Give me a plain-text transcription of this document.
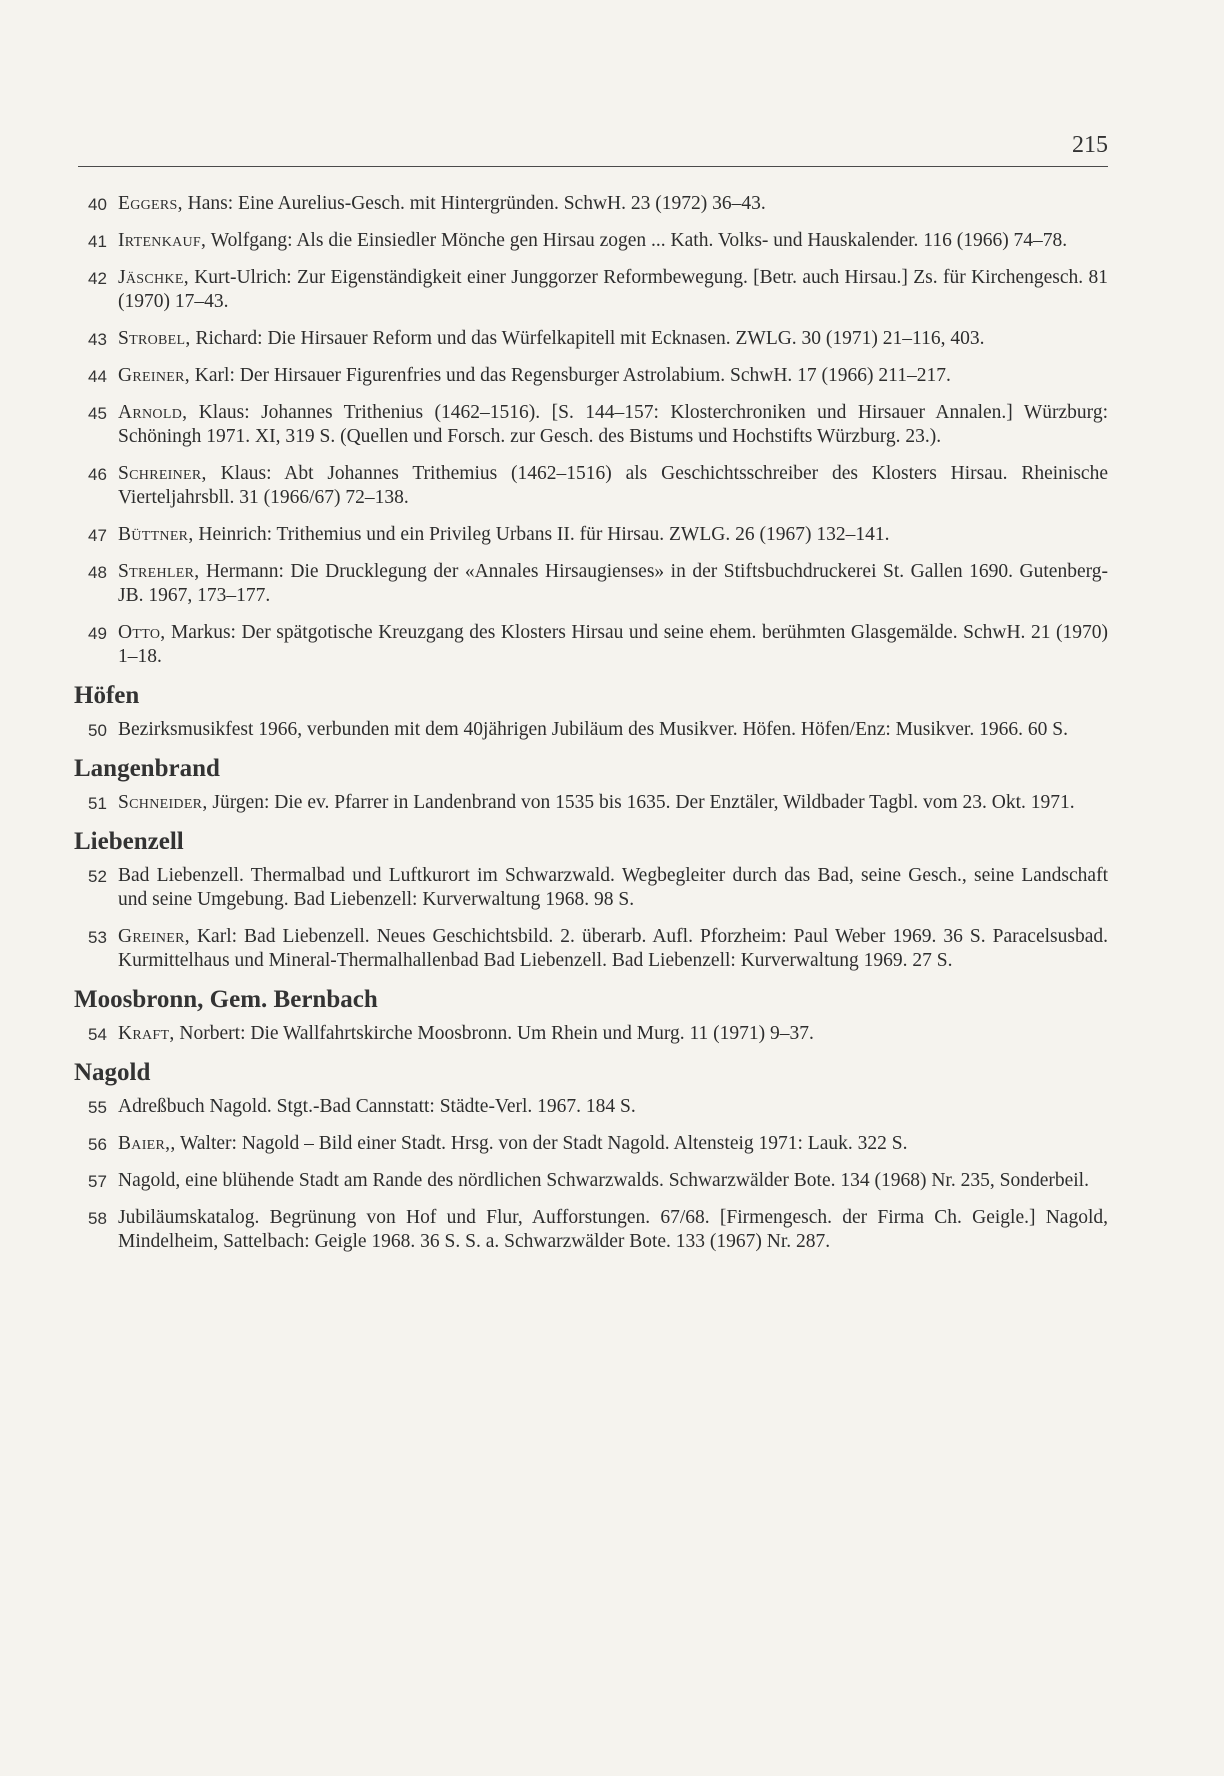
215
40 Eggers, Hans: Eine Aurelius-Gesch. mit Hintergründen. SchwH. 23 (1972) 36–43.
41 Irtenkauf, Wolfgang: Als die Einsiedler Mönche gen Hirsau zogen ... Kath. Volks- und Hauskalender. 116 (1966) 74–78.
42 Jäschke, Kurt-Ulrich: Zur Eigenständigkeit einer Junggorzer Reformbewegung. [Betr. auch Hirsau.] Zs. für Kirchengesch. 81 (1970) 17–43.
43 Strobel, Richard: Die Hirsauer Reform und das Würfelkapitell mit Ecknasen. ZWLG. 30 (1971) 21–116, 403.
44 Greiner, Karl: Der Hirsauer Figurenfries und das Regensburger Astrolabium. SchwH. 17 (1966) 211–217.
45 Arnold, Klaus: Johannes Trithenius (1462–1516). [S. 144–157: Klosterchroniken und Hirsauer Annalen.] Würzburg: Schöningh 1971. XI, 319 S. (Quellen und Forsch. zur Gesch. des Bistums und Hochstifts Würzburg. 23.).
46 Schreiner, Klaus: Abt Johannes Trithemius (1462–1516) als Geschichtsschreiber des Klosters Hirsau. Rheinische Vierteljahrsbll. 31 (1966/67) 72–138.
47 Büttner, Heinrich: Trithemius und ein Privileg Urbans II. für Hirsau. ZWLG. 26 (1967) 132–141.
48 Strehler, Hermann: Die Drucklegung der «Annales Hirsaugienses» in der Stiftsbuchdruckerei St. Gallen 1690. Gutenberg-JB. 1967, 173–177.
49 Otto, Markus: Der spätgotische Kreuzgang des Klosters Hirsau und seine ehem. berühmten Glasgemälde. SchwH. 21 (1970) 1–18.
Höfen
50 Bezirksmusikfest 1966, verbunden mit dem 40jährigen Jubiläum des Musikver. Höfen. Höfen/Enz: Musikver. 1966. 60 S.
Langenbrand
51 Schneider, Jürgen: Die ev. Pfarrer in Landenbrand von 1535 bis 1635. Der Enztäler, Wildbader Tagbl. vom 23. Okt. 1971.
Liebenzell
52 Bad Liebenzell. Thermalbad und Luftkurort im Schwarzwald. Wegbegleiter durch das Bad, seine Gesch., seine Landschaft und seine Umgebung. Bad Liebenzell: Kurverwaltung 1968. 98 S.
53 Greiner, Karl: Bad Liebenzell. Neues Geschichtsbild. 2. überarb. Aufl. Pforzheim: Paul Weber 1969. 36 S. Paracelsusbad. Kurmittelhaus und Mineral-Thermalhallenbad Bad Liebenzell. Bad Liebenzell: Kurverwaltung 1969. 27 S.
Moosbronn, Gem. Bernbach
54 Kraft, Norbert: Die Wallfahrtskirche Moosbronn. Um Rhein und Murg. 11 (1971) 9–37.
Nagold
55 Adreßbuch Nagold. Stgt.-Bad Cannstatt: Städte-Verl. 1967. 184 S.
56 Baier,, Walter: Nagold – Bild einer Stadt. Hrsg. von der Stadt Nagold. Altensteig 1971: Lauk. 322 S.
57 Nagold, eine blühende Stadt am Rande des nördlichen Schwarzwalds. Schwarzwälder Bote. 134 (1968) Nr. 235, Sonderbeil.
58 Jubiläumskatalog. Begrünung von Hof und Flur, Aufforstungen. 67/68. [Firmengesch. der Firma Ch. Geigle.] Nagold, Mindelheim, Sattelbach: Geigle 1968. 36 S. S. a. Schwarzwälder Bote. 133 (1967) Nr. 287.
